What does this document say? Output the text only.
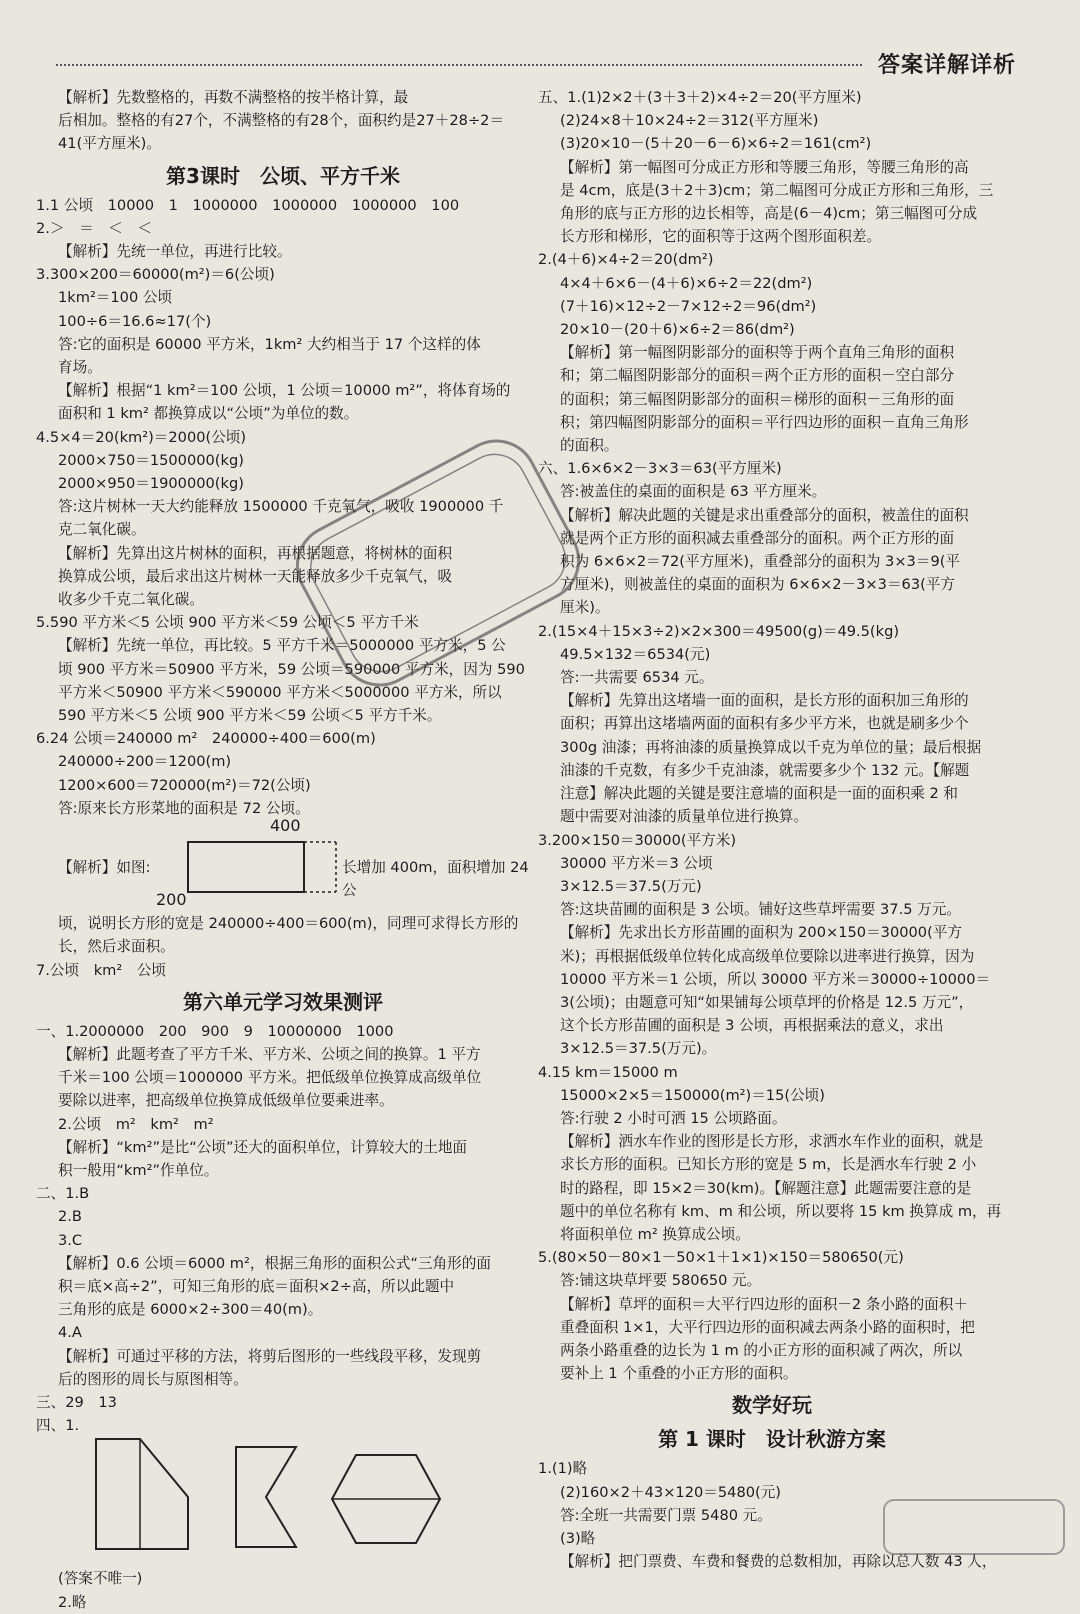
答案详解详析

【解析】先数整格的，再数不满整格的按半格计算，最

后相加。整格的有27个，不满整格的有28个，面积约是27＋28÷2＝

41(平方厘米)。

第3课时　公顷、平方千米

1.1 公顷　10000　1　1000000　1000000　1000000　100

2.＞　＝　＜　＜

【解析】先统一单位，再进行比较。

3.300×200＝60000(m²)＝6(公顷)

1km²＝100 公顷

100÷6＝16.6≈17(个)

答:它的面积是 60000 平方米，1km² 大约相当于 17 个这样的体

育场。

【解析】根据“1 km²＝100 公顷，1 公顷＝10000 m²”，将体育场的

面积和 1 km² 都换算成以“公顷”为单位的数。

4.5×4＝20(km²)＝2000(公顷)

2000×750＝1500000(kg)

2000×950＝1900000(kg)

答:这片树林一天大约能释放 1500000 千克氧气，吸收 1900000 千

克二氧化碳。

【解析】先算出这片树林的面积，再根据题意，将树林的面积

换算成公顷，最后求出这片树林一天能释放多少千克氧气，吸

收多少千克二氧化碳。

5.590 平方米＜5 公顷 900 平方米＜59 公顷＜5 平方千米

【解析】先统一单位，再比较。5 平方千米＝5000000 平方米，5 公

顷 900 平方米＝50900 平方米，59 公顷＝590000 平方米，因为 590

平方米＜50900 平方米＜590000 平方米＜5000000 平方米，所以

590 平方米＜5 公顷 900 平方米＜59 公顷＜5 平方千米。

6.24 公顷＝240000 m²　240000÷400＝600(m)

240000÷200＝1200(m)

1200×600＝720000(m²)＝72(公顷)

答:原来长方形菜地的面积是 72 公顷。

400
200
【解析】如图:	长增加 400m，面积增加 24 公

顷，说明长方形的宽是 240000÷400＝600(m)，同理可求得长方形的

长，然后求面积。

7.公顷　km²　公顷

第六单元学习效果测评

一、1.2000000　200　900　9　10000000　1000

【解析】此题考查了平方千米、平方米、公顷之间的换算。1 平方

千米＝100 公顷＝1000000 平方米。把低级单位换算成高级单位

要除以进率，把高级单位换算成低级单位要乘进率。

2.公顷　m²　km²　m²

【解析】“km²”是比“公顷”还大的面积单位，计算较大的土地面

积一般用“km²”作单位。

二、1.B

2.B

3.C

【解析】0.6 公顷＝6000 m²，根据三角形的面积公式“三角形的面

积＝底×高÷2”，可知三角形的底＝面积×2÷高，所以此题中

三角形的底是 6000×2÷300＝40(m)。

4.A

【解析】可通过平移的方法，将剪后图形的一些线段平移，发现剪

后的图形的周长与原图相等。

三、29　13

四、1.

(答案不唯一)

2.略

五、1.(1)2×2＋(3＋3＋2)×4÷2＝20(平方厘米)

(2)24×8＋10×24÷2＝312(平方厘米)

(3)20×10－(5＋20－6－6)×6÷2＝161(cm²)

【解析】第一幅图可分成正方形和等腰三角形，等腰三角形的高

是 4cm，底是(3＋2＋3)cm；第二幅图可分成正方形和三角形，三

角形的底与正方形的边长相等，高是(6－4)cm；第三幅图可分成

长方形和梯形，它的面积等于这两个图形面积差。

2.(4＋6)×4÷2＝20(dm²)

4×4＋6×6－(4＋6)×6÷2＝22(dm²)

(7＋16)×12÷2－7×12÷2＝96(dm²)

20×10－(20＋6)×6÷2＝86(dm²)

【解析】第一幅图阴影部分的面积等于两个直角三角形的面积

和；第二幅图阴影部分的面积＝两个正方形的面积－空白部分

的面积；第三幅图阴影部分的面积＝梯形的面积－三角形的面

积；第四幅图阴影部分的面积＝平行四边形的面积－直角三角形

的面积。

六、1.6×6×2－3×3＝63(平方厘米)

答:被盖住的桌面的面积是 63 平方厘米。

【解析】解决此题的关键是求出重叠部分的面积，被盖住的面积

就是两个正方形的面积减去重叠部分的面积。两个正方形的面

积为 6×6×2＝72(平方厘米)，重叠部分的面积为 3×3＝9(平

方厘米)，则被盖住的桌面的面积为 6×6×2－3×3＝63(平方

厘米)。

2.(15×4＋15×3÷2)×2×300＝49500(g)＝49.5(kg)

49.5×132＝6534(元)

答:一共需要 6534 元。

【解析】先算出这堵墙一面的面积，是长方形的面积加三角形的

面积；再算出这堵墙两面的面积有多少平方米，也就是刷多少个

300g 油漆；再将油漆的质量换算成以千克为单位的量；最后根据

油漆的千克数，有多少千克油漆，就需要多少个 132 元。【解题

注意】解决此题的关键是要注意墙的面积是一面的面积乘 2 和

题中需要对油漆的质量单位进行换算。

3.200×150＝30000(平方米)

30000 平方米＝3 公顷

3×12.5＝37.5(万元)

答:这块苗圃的面积是 3 公顷。铺好这些草坪需要 37.5 万元。

【解析】先求出长方形苗圃的面积为 200×150＝30000(平方

米)；再根据低级单位转化成高级单位要除以进率进行换算，因为

10000 平方米＝1 公顷，所以 30000 平方米＝30000÷10000＝

3(公顷)；由题意可知“如果铺每公顷草坪的价格是 12.5 万元”，

这个长方形苗圃的面积是 3 公顷，再根据乘法的意义，求出

3×12.5＝37.5(万元)。

4.15 km＝15000 m

15000×2×5＝150000(m²)＝15(公顷)

答:行驶 2 小时可洒 15 公顷路面。

【解析】洒水车作业的图形是长方形，求洒水车作业的面积，就是

求长方形的面积。已知长方形的宽是 5 m，长是洒水车行驶 2 小

时的路程，即 15×2＝30(km)。【解题注意】此题需要注意的是

题中的单位名称有 km、m 和公顷，所以要将 15 km 换算成 m，再

将面积单位 m² 换算成公顷。

5.(80×50－80×1－50×1＋1×1)×150＝580650(元)

答:铺这块草坪要 580650 元。

【解析】草坪的面积＝大平行四边形的面积－2 条小路的面积＋

重叠面积 1×1，大平行四边形的面积减去两条小路的面积时，把

两条小路重叠的边长为 1 m 的小正方形的面积减了两次，所以

要补上 1 个重叠的小正方形的面积。

数学好玩

第 1 课时　设计秋游方案

1.(1)略

(2)160×2＋43×120＝5480(元)

答:全班一共需要门票 5480 元。

(3)略

【解析】把门票费、车费和餐费的总数相加，再除以总人数 43 人，
